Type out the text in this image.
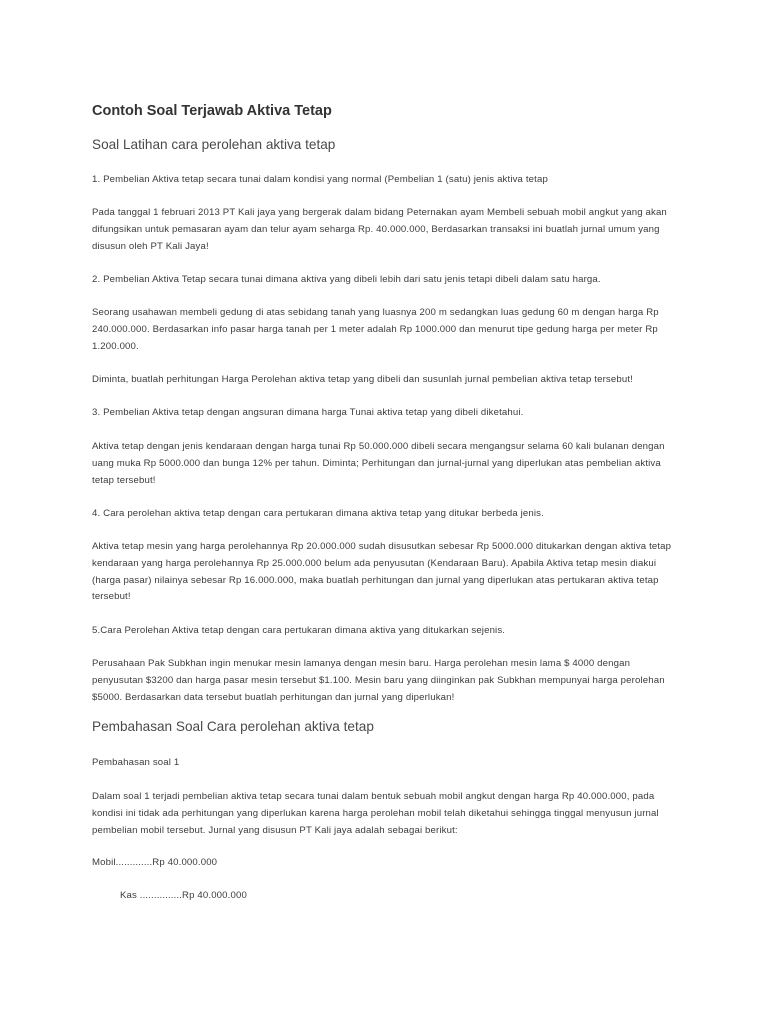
Contoh Soal Terjawab Aktiva Tetap
Soal Latihan cara perolehan aktiva tetap
1. Pembelian Aktiva tetap secara tunai dalam kondisi yang normal (Pembelian 1 (satu) jenis aktiva tetap
Pada tanggal 1 februari 2013 PT Kali jaya yang bergerak dalam bidang Peternakan ayam Membeli sebuah mobil angkut yang akan difungsikan untuk pemasaran ayam dan telur ayam seharga Rp. 40.000.000, Berdasarkan transaksi ini buatlah jurnal umum yang disusun oleh PT Kali Jaya!
2. Pembelian Aktiva Tetap secara tunai dimana aktiva yang dibeli lebih dari satu jenis tetapi dibeli dalam satu harga.
Seorang usahawan membeli gedung di atas sebidang tanah yang luasnya 200 m sedangkan luas gedung 60 m dengan harga Rp 240.000.000. Berdasarkan info pasar harga tanah per 1 meter adalah Rp 1000.000 dan menurut tipe gedung harga per meter Rp 1.200.000.
Diminta, buatlah perhitungan Harga Perolehan aktiva tetap yang dibeli dan susunlah jurnal pembelian aktiva tetap tersebut!
3. Pembelian Aktiva tetap dengan angsuran dimana harga Tunai aktiva tetap yang dibeli diketahui.
Aktiva tetap dengan jenis kendaraan dengan harga tunai Rp 50.000.000 dibeli secara mengangsur selama 60 kali bulanan dengan uang muka Rp 5000.000 dan bunga 12% per tahun. Diminta; Perhitungan dan jurnal-jurnal yang diperlukan atas pembelian aktiva tetap tersebut!
4. Cara perolehan aktiva tetap dengan cara pertukaran dimana aktiva tetap yang ditukar berbeda jenis.
Aktiva tetap mesin yang harga perolehannya Rp 20.000.000 sudah disusutkan sebesar Rp 5000.000 ditukarkan dengan aktiva tetap kendaraan yang harga perolehannya Rp 25.000.000 belum ada penyusutan (Kendaraan Baru). Apabila Aktiva tetap mesin diakui (harga pasar) nilainya sebesar Rp 16.000.000, maka buatlah perhitungan dan jurnal yang diperlukan atas pertukaran aktiva tetap tersebut!
5.Cara Perolehan Aktiva tetap dengan cara pertukaran dimana aktiva yang ditukarkan sejenis.
Perusahaan Pak Subkhan ingin menukar mesin lamanya dengan mesin baru. Harga perolehan mesin lama $ 4000 dengan penyusutan $3200 dan harga pasar mesin tersebut $1.100. Mesin baru yang diinginkan pak Subkhan mempunyai harga perolehan $5000. Berdasarkan data tersebut buatlah perhitungan dan jurnal yang diperlukan!
Pembahasan Soal Cara perolehan aktiva tetap
Pembahasan soal 1
Dalam soal 1 terjadi pembelian aktiva tetap secara tunai dalam bentuk sebuah mobil angkut dengan harga Rp 40.000.000, pada kondisi ini tidak ada perhitungan yang diperlukan karena harga perolehan mobil telah diketahui sehingga tinggal menyusun jurnal pembelian mobil tersebut. Jurnal yang disusun PT Kali jaya adalah sebagai berikut:
Mobil.............Rp 40.000.000
Kas ...............Rp 40.000.000
